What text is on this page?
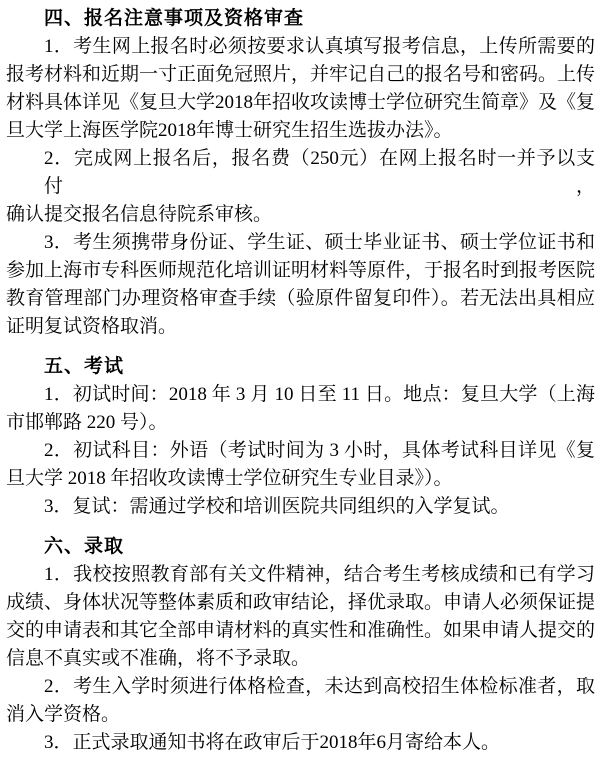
四、报名注意事项及资格审查
1．考生网上报名时必须按要求认真填写报考信息，上传所需要的
报考材料和近期一寸正面免冠照片，并牢记自己的报名号和密码。上传
材料具体详见《复旦大学2018年招收攻读博士学位研究生简章》及《复
旦大学上海医学院2018年博士研究生招生选拔办法》。
2．完成网上报名后，报名费（250元）在网上报名时一并予以支付，
确认提交报名信息待院系审核。
3．考生须携带身份证、学生证、硕士毕业证书、硕士学位证书和
参加上海市专科医师规范化培训证明材料等原件，于报名时到报考医院
教育管理部门办理资格审查手续（验原件留复印件）。若无法出具相应
证明复试资格取消。
五、考试
1．初试时间：2018 年 3 月 10 日至 11 日。地点：复旦大学（上海
市邯郸路 220 号）。
2．初试科目：外语（考试时间为 3 小时，具体考试科目详见《复
旦大学 2018 年招收攻读博士学位研究生专业目录》）。
3．复试：需通过学校和培训医院共同组织的入学复试。
六、录取
1．我校按照教育部有关文件精神，结合考生考核成绩和已有学习
成绩、身体状况等整体素质和政审结论，择优录取。申请人必须保证提
交的申请表和其它全部申请材料的真实性和准确性。如果申请人提交的
信息不真实或不准确，将不予录取。
2．考生入学时须进行体格检查，未达到高校招生体检标准者，取
消入学资格。
3．正式录取通知书将在政审后于2018年6月寄给本人。
